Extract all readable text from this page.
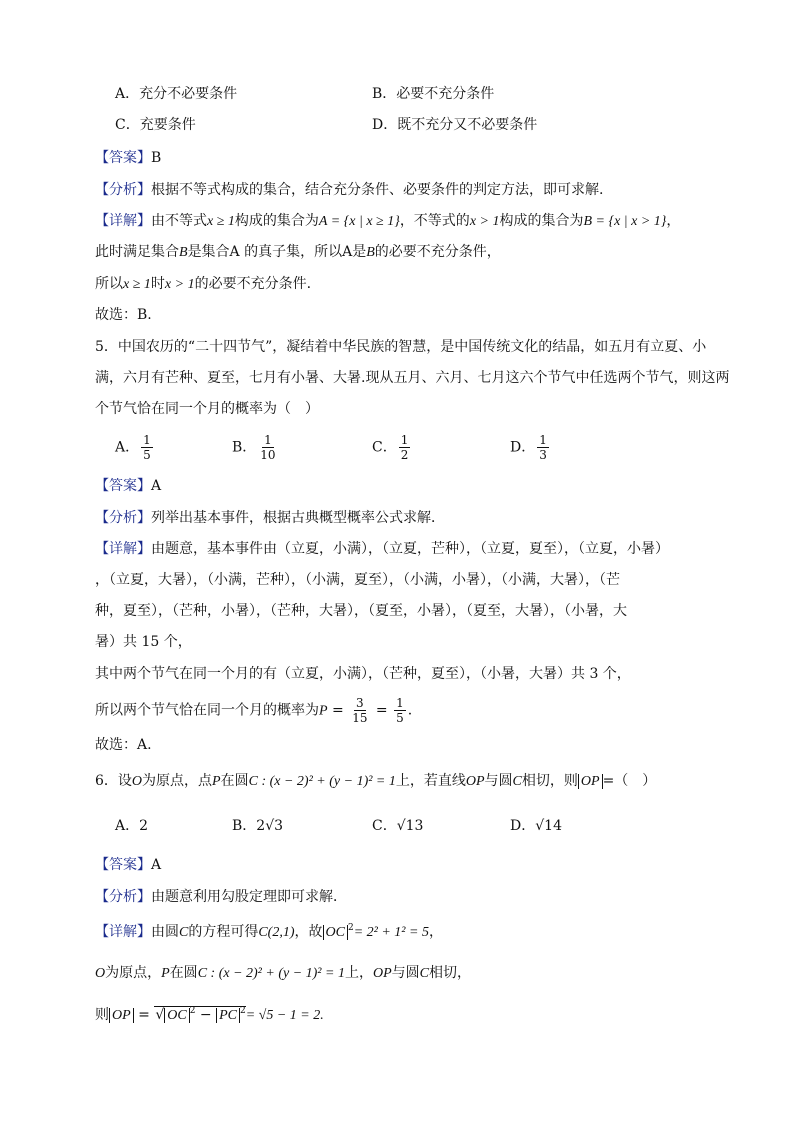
A．充分不必要条件	B．必要不充分条件
C．充要条件	D．既不充分又不必要条件
【答案】B
【分析】根据不等式构成的集合，结合充分条件、必要条件的判定方法，即可求解.
【详解】由不等式x ≥ 1构成的集合为A = {x | x ≥ 1}，不等式的x > 1构成的集合为B = {x | x > 1}，
此时满足集合B是集合A 的真子集，所以A是B的必要不充分条件，
所以x ≥ 1时x > 1的必要不充分条件.
故选：B.
5．中国农历的“二十四节气”，凝结着中华民族的智慧，是中国传统文化的结晶，如五月有立夏、小
满，六月有芒种、夏至，七月有小暑、大暑.现从五月、六月、七月这六个节气中任选两个节气，则这两
个节气恰在同一个月的概率为（　）
A． $\frac{1}{5}$	B． $\frac{1}{10}$	C． $\frac{1}{2}$	D． $\frac{1}{3}$
【答案】A
【分析】列举出基本事件，根据古典概型概率公式求解．
【详解】由题意，基本事件由（立夏，小满），（立夏，芒种），（立夏，夏至），（立夏，小暑）
，（立夏，大暑），（小满，芒种），（小满，夏至），（小满，小暑），（小满，大暑），（芒
种，夏至），（芒种，小暑），（芒种，大暑），（夏至，小暑），（夏至，大暑），（小暑，大
暑）共 15 个，
其中两个节气在同一个月的有（立夏，小满），（芒种，夏至），（小暑，大暑）共 3 个，
所以两个节气恰在同一个月的概率为$P = \frac{3}{15} = \frac{1}{5}$ .
故选：A.
6．设O为原点，点P在圆C : (x − 2)² + (y − 1)² = 1上，若直线OP与圆C相切，则 OP =（　）
A．2	B．2√3	C．√13	D．√14
【答案】A
【分析】由题意利用勾股定理即可求解．
【详解】由圆C的方程可得C(2,1)，故 OC $^2$= 2² + 1² = 5，
O为原点，P在圆C : (x − 2)² + (y − 1)² = 1上，OP与圆C相切，
则 OP = √ OC $^2$ − PC $^2$= √5 − 1 = 2.
